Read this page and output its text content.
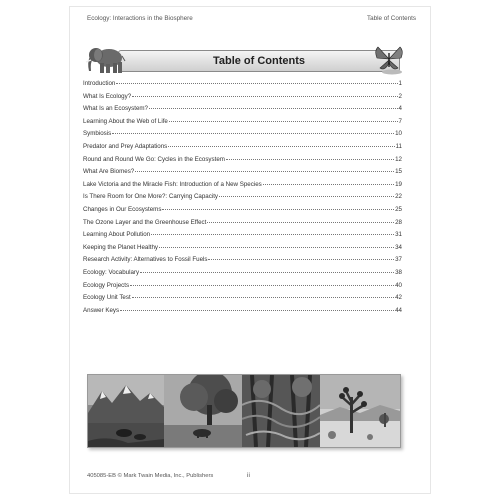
Ecology: Interactions in the Biosphere	Table of Contents
Table of Contents
Introduction	1
What Is Ecology?	2
What Is an Ecosystem?	4
Learning About the Web of Life	7
Symbiosis	10
Predator and Prey Adaptations	11
Round and Round We Go: Cycles in the Ecosystem	12
What Are Biomes?	15
Lake Victoria and the Miracle Fish: Introduction of a New Species	19
Is There Room for One More?: Carrying Capacity	22
Changes in Our Ecosystems	25
The Ozone Layer and the Greenhouse Effect	28
Learning About Pollution	31
Keeping the Planet Healthy	34
Research Activity: Alternatives to Fossil Fuels	37
Ecology: Vocabulary	38
Ecology Projects	40
Ecology Unit Test	42
Answer Keys	44
405085-EB © Mark Twain Media, Inc., Publishers	ii
